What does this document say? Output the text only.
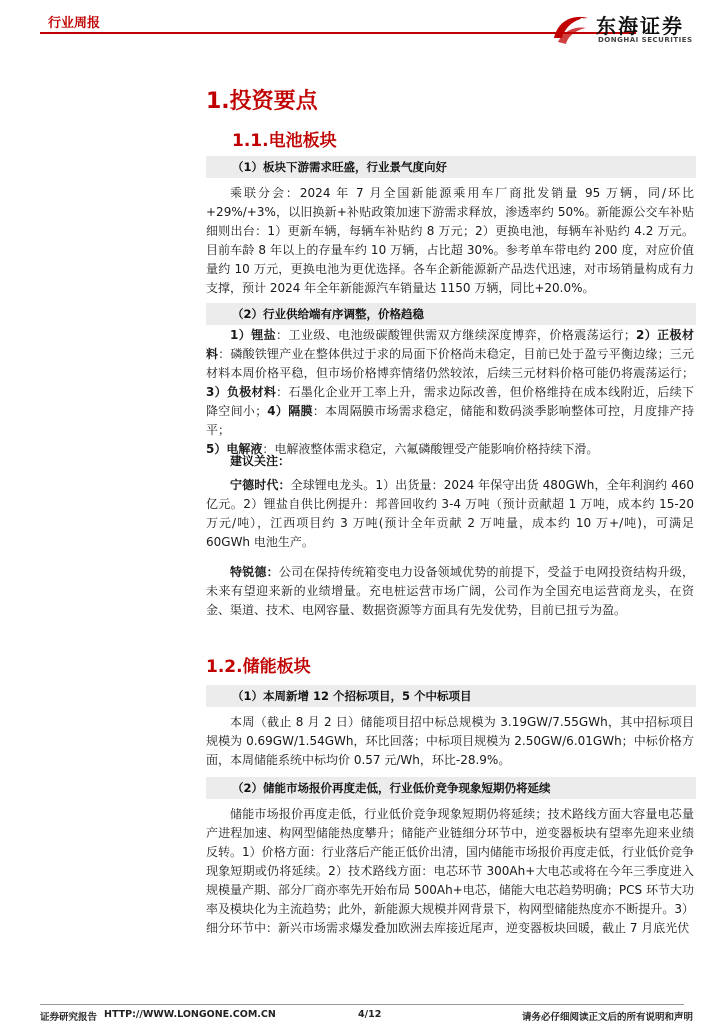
行业周报	东海证券
DONGHAI SECURITIES
1.投资要点
1.1.电池板块
（1）板块下游需求旺盛，行业景气度向好
乘联分会：2024 年 7 月全国新能源乘用车厂商批发销量 95 万辆，同/环比+29%/+3%，以旧换新+补贴政策加速下游需求释放，渗透率约 50%。新能源公交车补贴细则出台：1）更新车辆，每辆车补贴约 8 万元；2）更换电池，每辆车补贴约 4.2 万元。目前车龄 8 年以上的存量车约 10 万辆，占比超 30%。参考单车带电约 200 度，对应价值量约 10 万元，更换电池为更优选择。各车企新能源新产品迭代迅速，对市场销量构成有力支撑，预计 2024 年全年新能源汽车销量达 1150 万辆，同比+20.0%。
（2）行业供给端有序调整，价格趋稳
1）锂盐：工业级、电池级碳酸锂供需双方继续深度博弈，价格震荡运行；2）正极材料：磷酸铁锂产业在整体供过于求的局面下价格尚未稳定，目前已处于盈亏平衡边缘；三元材料本周价格平稳，但市场价格博弈情绪仍然较浓，后续三元材料价格可能仍将震荡运行；3）负极材料：石墨化企业开工率上升，需求边际改善，但价格维持在成本线附近，后续下降空间小；4）隔膜：本周隔膜市场需求稳定，储能和数码淡季影响整体可控，月度排产持平；
5）电解液：电解液整体需求稳定，六氟磷酸锂受产能影响价格持续下滑。
建议关注：
宁德时代：全球锂电龙头。1）出货量：2024 年保守出货 480GWh，全年利润约 460 亿元。2）锂盐自供比例提升：邦普回收约 3-4 万吨（预计贡献超 1 万吨，成本约 15-20 万元/吨），江西项目约 3 万吨(预计全年贡献 2 万吨量，成本约 10 万+/吨)，可满足 60GWh 电池生产。
特锐德：公司在保持传统箱变电力设备领域优势的前提下，受益于电网投资结构升级，未来有望迎来新的业绩增量。充电桩运营市场广阔，公司作为全国充电运营商龙头，在资金、渠道、技术、电网容量、数据资源等方面具有先发优势，目前已扭亏为盈。
1.2.储能板块
（1）本周新增 12 个招标项目，5 个中标项目
本周（截止 8 月 2 日）储能项目招中标总规模为 3.19GW/7.55GWh，其中招标项目规模为 0.69GW/1.54GWh，环比回落；中标项目规模为 2.50GW/6.01GWh；中标价格方面，本周储能系统中标均价 0.57 元/Wh，环比-28.9%。
（2）储能市场报价再度走低，行业低价竞争现象短期仍将延续
储能市场报价再度走低，行业低价竞争现象短期仍将延续；技术路线方面大容量电芯量产进程加速、构网型储能热度攀升；储能产业链细分环节中，逆变器板块有望率先迎来业绩反转。1）价格方面：行业落后产能正低价出清，国内储能市场报价再度走低，行业低价竞争现象短期或仍将延续。2）技术路线方面：电芯环节 300Ah+大电芯或将在今年三季度进入规模量产期、部分厂商亦率先开始布局 500Ah+电芯，储能大电芯趋势明确；PCS 环节大功率及模块化为主流趋势；此外，新能源大规模并网背景下，构网型储能热度亦不断提升。3）细分环节中：新兴市场需求爆发叠加欧洲去库接近尾声，逆变器板块回暖，截止 7 月底光伏
证券研究报告 HTTP://WWW.LONGONE.COM.CN	4/12	请务必仔细阅读正文后的所有说明和声明
